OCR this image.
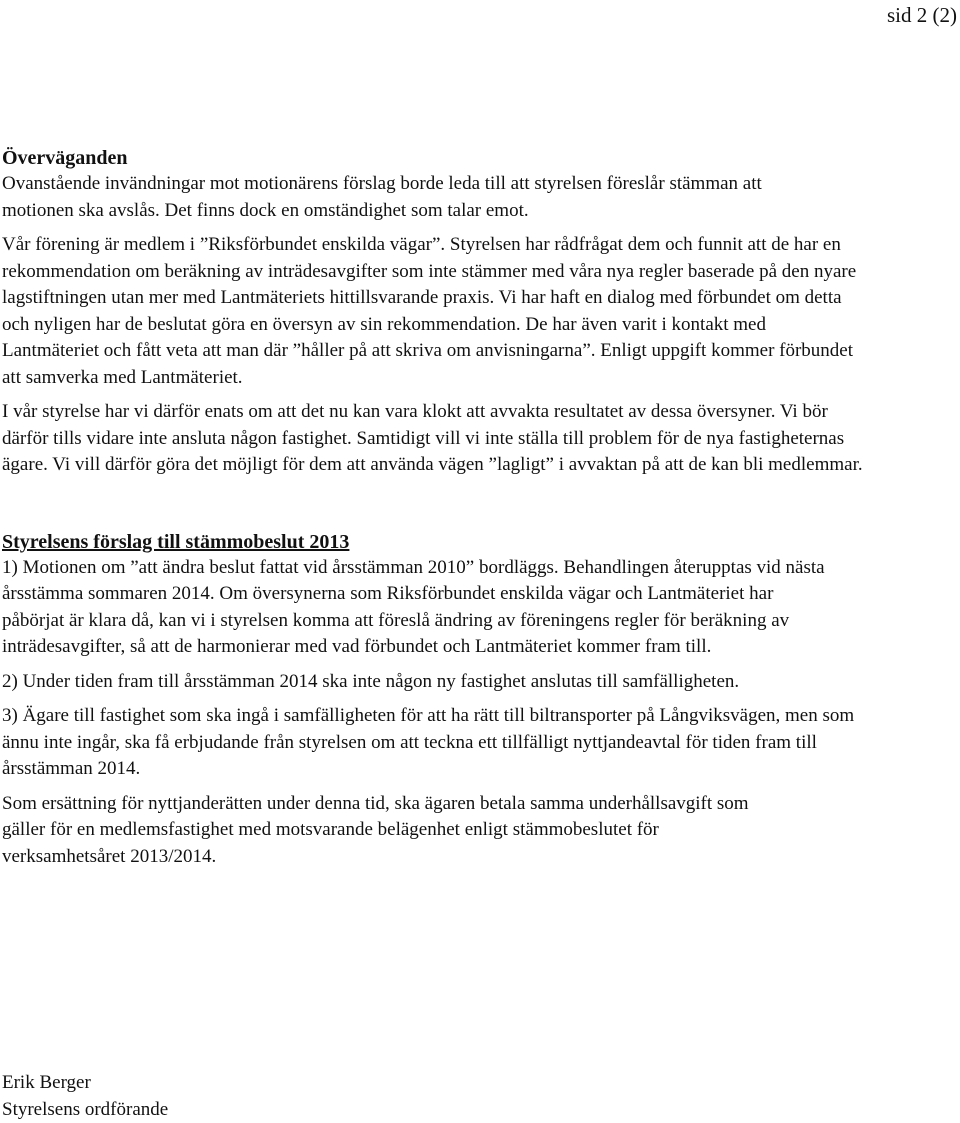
sid 2 (2)
Överväganden

Ovanstående invändningar mot motionärens förslag borde leda till att styrelsen föreslår stämman att motionen ska avslås. Det finns dock en omständighet som talar emot.

Vår förening är medlem i ”Riksförbundet enskilda vägar”. Styrelsen har rådfrågat dem och funnit att de har en rekommendation om beräkning av inträdesavgifter som inte stämmer med våra nya regler baserade på den nyare lagstiftningen utan mer med Lantmäteriets hittillsvarande praxis. Vi har haft en dialog med förbundet om detta och nyligen har de beslutat göra en översyn av sin rekommendation. De har även varit i kontakt med Lantmäteriet och fått veta att man där ”håller på att skriva om anvisningarna”. Enligt uppgift kommer förbundet att samverka med Lantmäteriet.

I vår styrelse har vi därför enats om att det nu kan vara klokt att avvakta resultatet av dessa översyner. Vi bör därför tills vidare inte ansluta någon fastighet. Samtidigt vill vi inte ställa till problem för de nya fastigheternas ägare. Vi vill därför göra det möjligt för dem att använda vägen ”lagligt” i avvaktan på att de kan bli medlemmar.

Styrelsens förslag till stämmobeslut 2013

1) Motionen om ”att ändra beslut fattat vid årsstämman 2010” bordläggs. Behandlingen återupptas vid nästa årsstämma sommaren 2014. Om översynerna som Riksförbundet enskilda vägar och Lantmäteriet har påbörjat är klara då, kan vi i styrelsen komma att föreslå ändring av föreningens regler för beräkning av inträdesavgifter, så att de harmonierar med vad förbundet och Lantmäteriet kommer fram till.

2) Under tiden fram till årsstämman 2014 ska inte någon ny fastighet anslutas till samfälligheten.

3) Ägare till fastighet som ska ingå i samfälligheten för att ha rätt till biltransporter på Långviksvägen, men som ännu inte ingår, ska få erbjudande från styrelsen om att teckna ett tillfälligt nyttjandeavtal för tiden fram till årsstämman 2014.

Som ersättning för nyttjanderätten under denna tid, ska ägaren betala samma underhållsavgift som gäller för en medlemsfastighet med motsvarande belägenhet enligt stämmobeslutet för verksamhetsåret 2013/2014.

Erik Berger
Styrelsens ordförande
